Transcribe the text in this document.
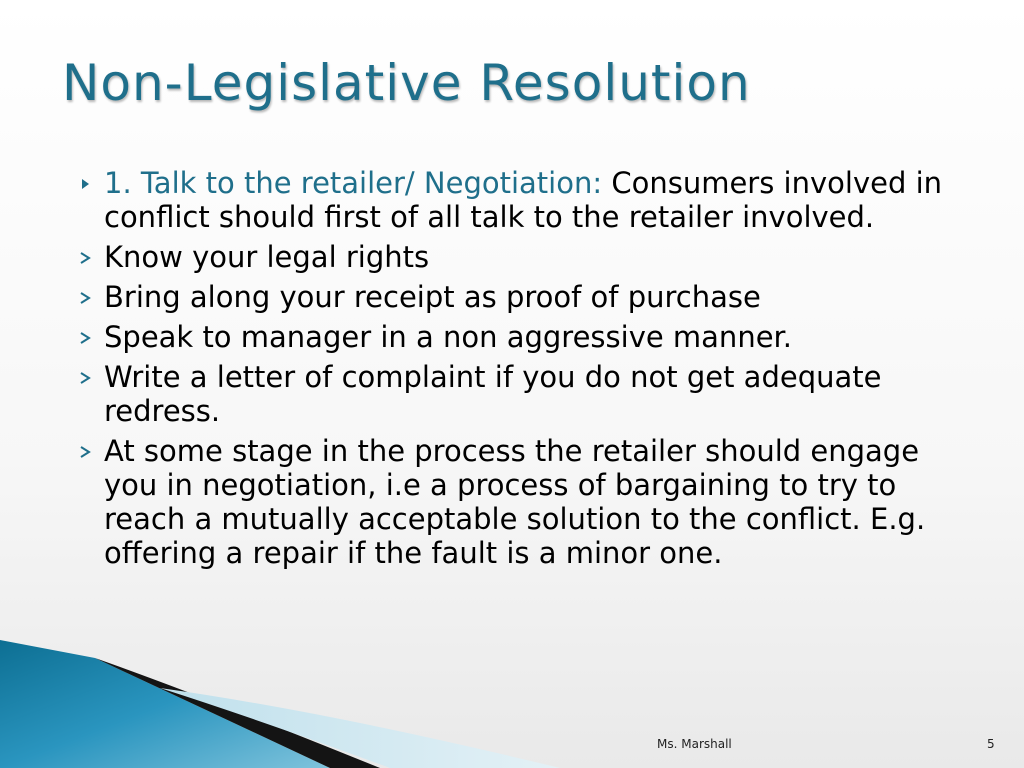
Non-Legislative Resolution
1. Talk to the retailer/ Negotiation: Consumers involved in conflict should first of all talk to the retailer involved.
Know your legal rights
Bring along your receipt as proof of purchase
Speak to manager in a non aggressive manner.
Write a letter of complaint if you do not get adequate redress.
At some stage in the process the retailer should engage you in negotiation, i.e a process of bargaining to try to reach a mutually acceptable solution to the conflict. E.g. offering a repair if the fault is a minor one.
Ms. Marshall	5
